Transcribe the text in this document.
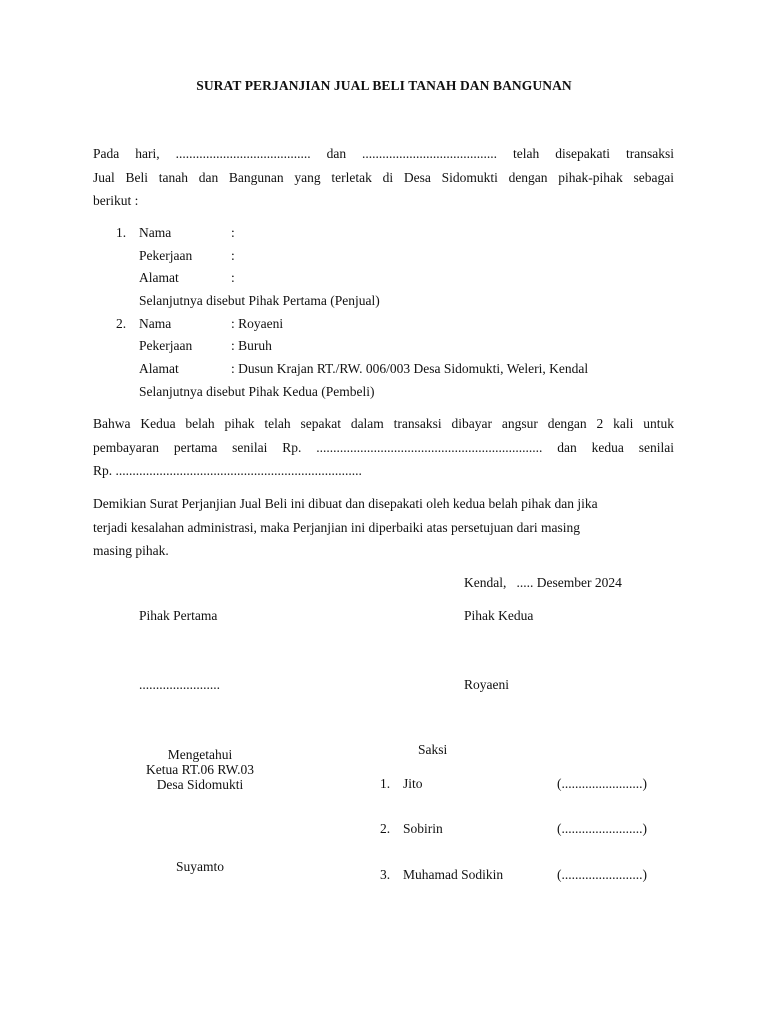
SURAT PERJANJIAN JUAL BELI TANAH DAN BANGUNAN
Pada hari, ........................................ dan ........................................ telah disepakati transaksi
Jual Beli tanah dan Bangunan yang terletak di Desa Sidomukti dengan pihak-pihak sebagai
berikut :
1. Nama	:
Pekerjaan	:
Alamat	:
Selanjutnya disebut Pihak Pertama (Penjual)
2. Nama	: Royaeni
Pekerjaan	: Buruh
Alamat	: Dusun Krajan RT./RW. 006/003 Desa Sidomukti, Weleri, Kendal
Selanjutnya disebut Pihak Kedua (Pembeli)
Bahwa Kedua belah pihak telah sepakat dalam transaksi dibayar angsur dengan 2 kali untuk
pembayaran pertama senilai Rp. ................................................................... dan kedua senilai
Rp. .........................................................................
Demikian Surat Perjanjian Jual Beli ini dibuat dan disepakati oleh kedua belah pihak dan jika
terjadi kesalahan administrasi, maka Perjanjian ini diperbaiki atas persetujuan dari masing
masing pihak.
Kendal,   ..... Desember 2024
Pihak Pertama	Pihak Kedua
........................	Royaeni
Mengetahui
Ketua RT.06 RW.03
Desa Sidomukti
Suyamto
Saksi
1. Jito	(........................)
2. Sobirin	(........................)
3. Muhamad Sodikin	(........................)
